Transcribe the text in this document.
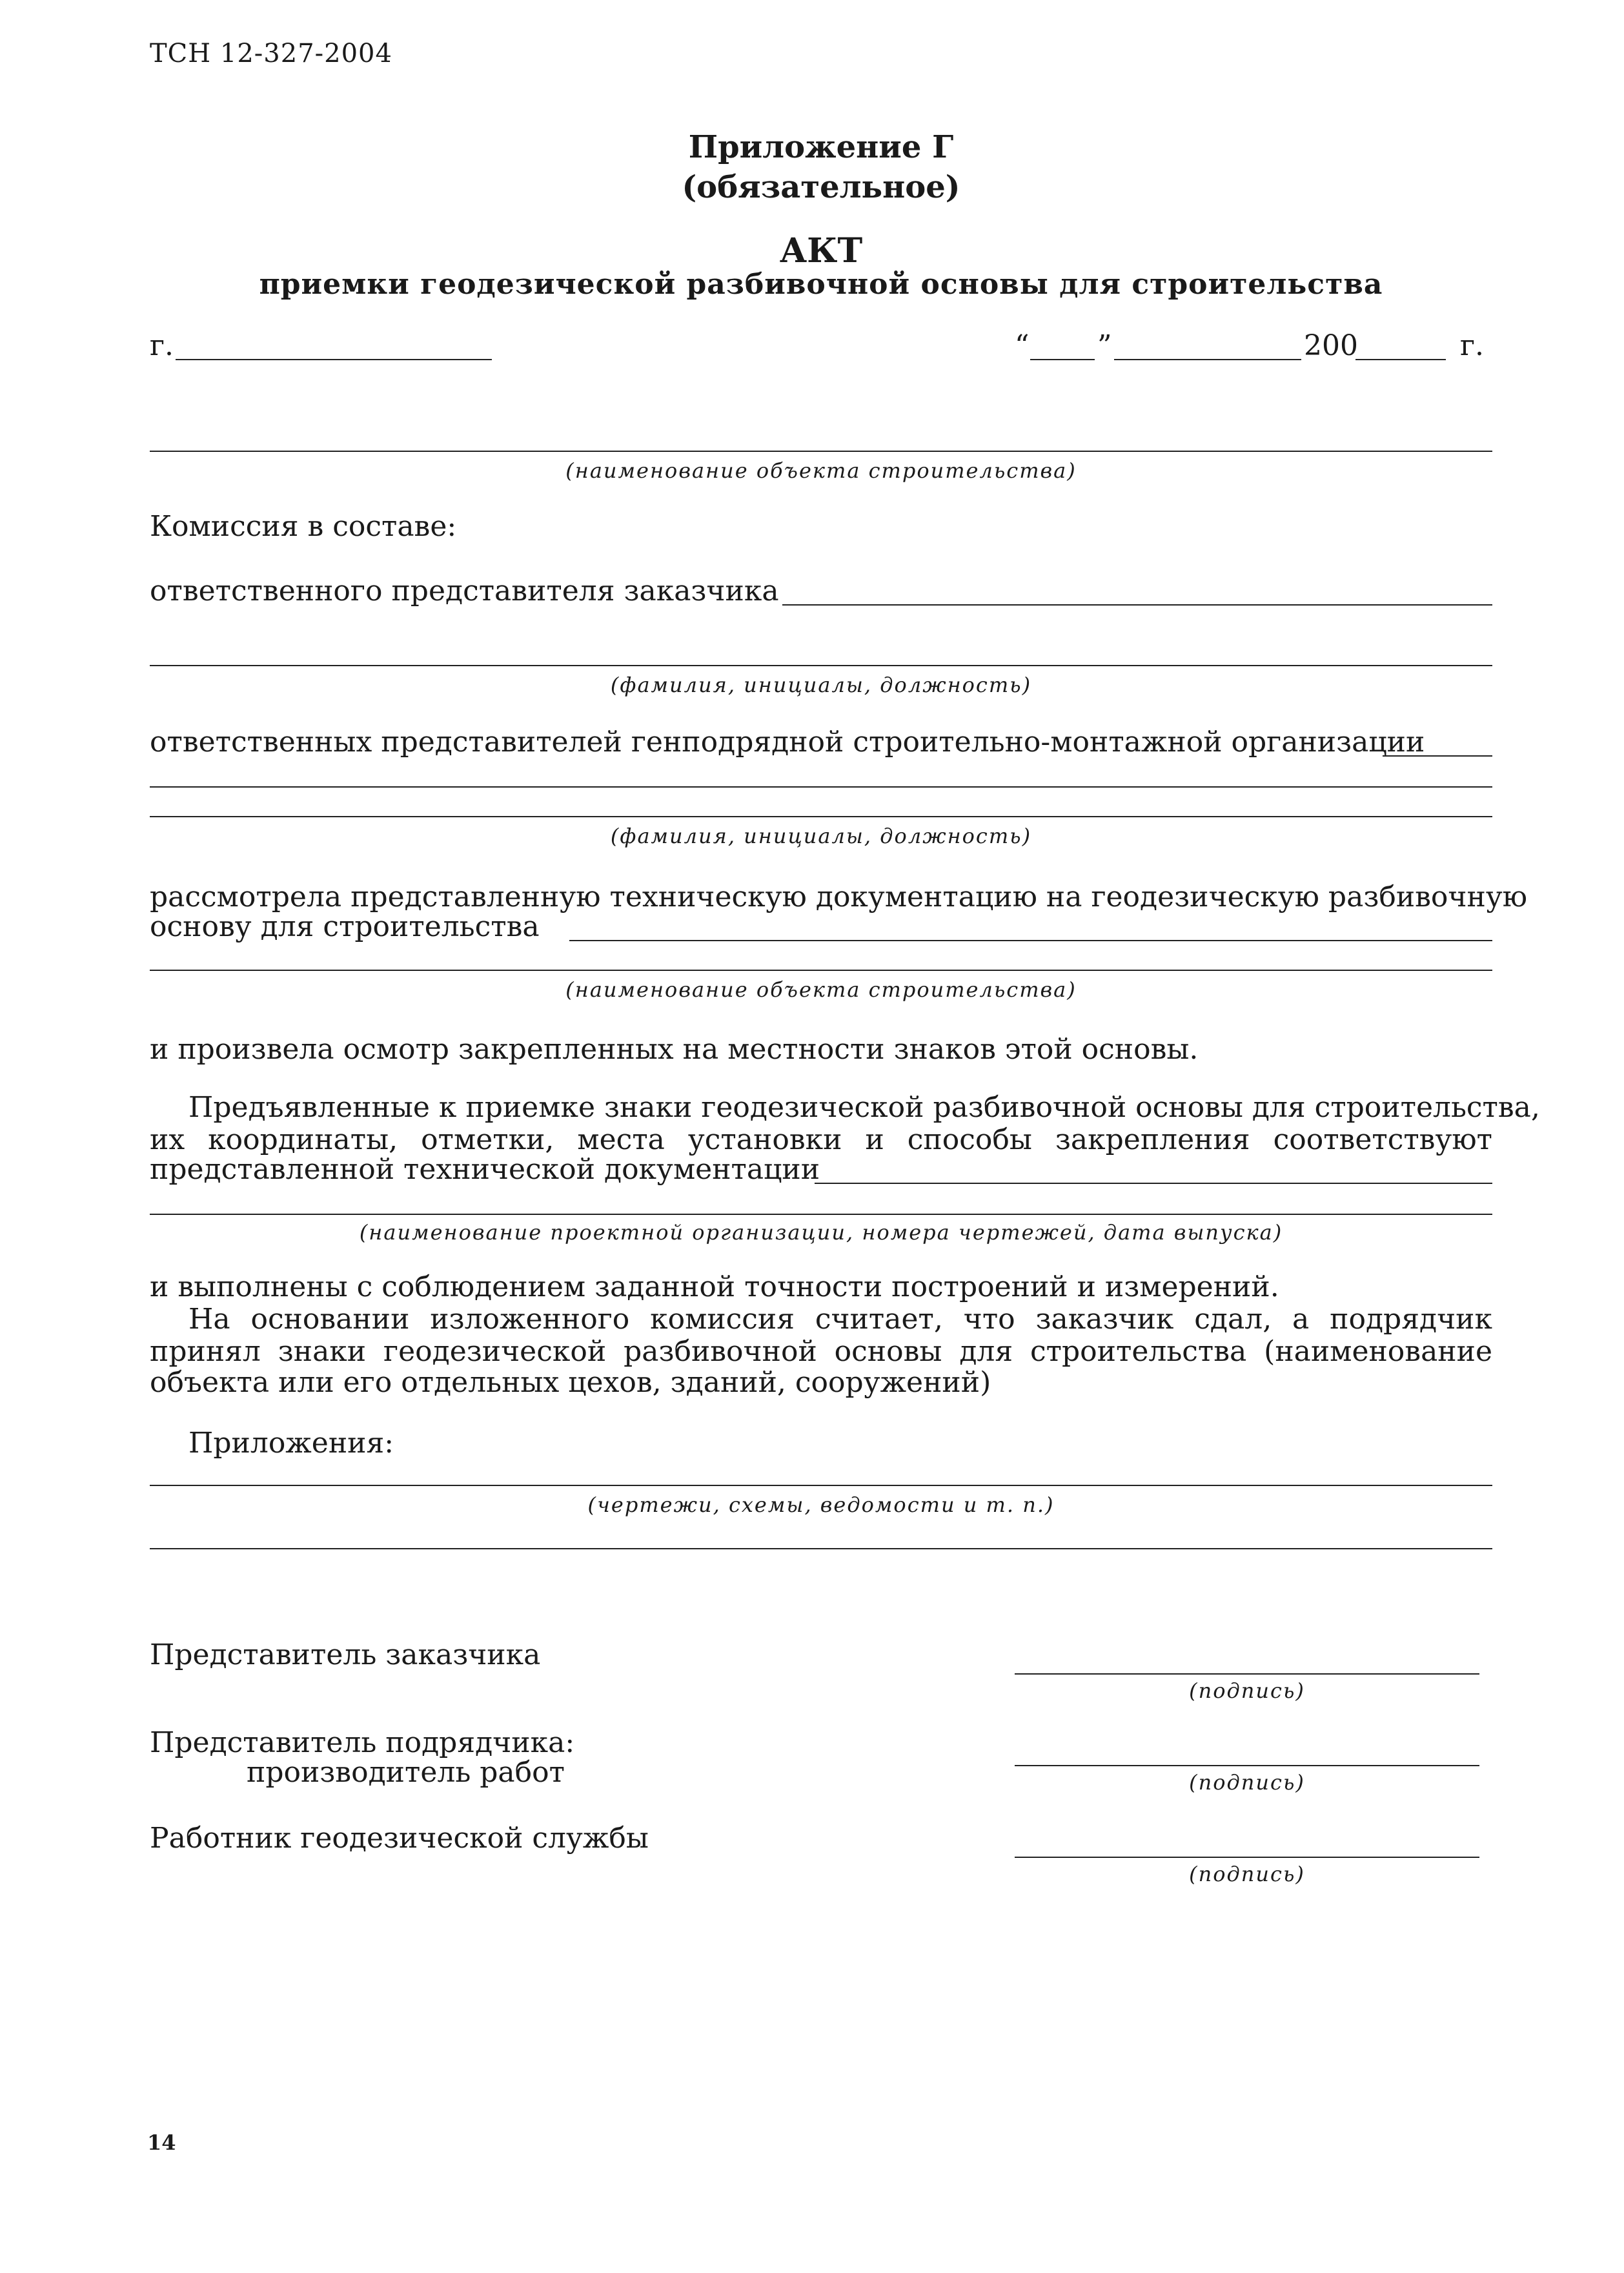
ТСН 12-327-2004
Приложение Г
(обязательное)
АКТ
приемки геодезической разбивочной основы для строительства
г.	“ ”	200	г.
(наименование объекта строительства)
Комиссия в составе:
ответственного представителя заказчика
(фамилия, инициалы, должность)
ответственных представителей генподрядной строительно-монтажной организации
(фамилия, инициалы, должность)
рассмотрела представленную техническую документацию на геодезическую разбивочную
основу для строительства
(наименование объекта строительства)
и произвела осмотр закрепленных на местности знаков этой основы.
Предъявленные к приемке знаки геодезической разбивочной основы для строительства,
их координаты, отметки, места установки и способы закрепления соответствуют
представленной технической документации
(наименование проектной организации, номера чертежей, дата выпуска)
и выполнены с соблюдением заданной точности построений и измерений.
На основании изложенного комиссия считает, что заказчик сдал, а подрядчик
принял знаки геодезической разбивочной основы для строительства (наименование
объекта или его отдельных цехов, зданий, сооружений)
Приложения:
(чертежи, схемы, ведомости и т. п.)
Представитель заказчика
(подпись)
Представитель подрядчика:
производитель работ	(подпись)
Работник геодезической службы
(подпись)
14
